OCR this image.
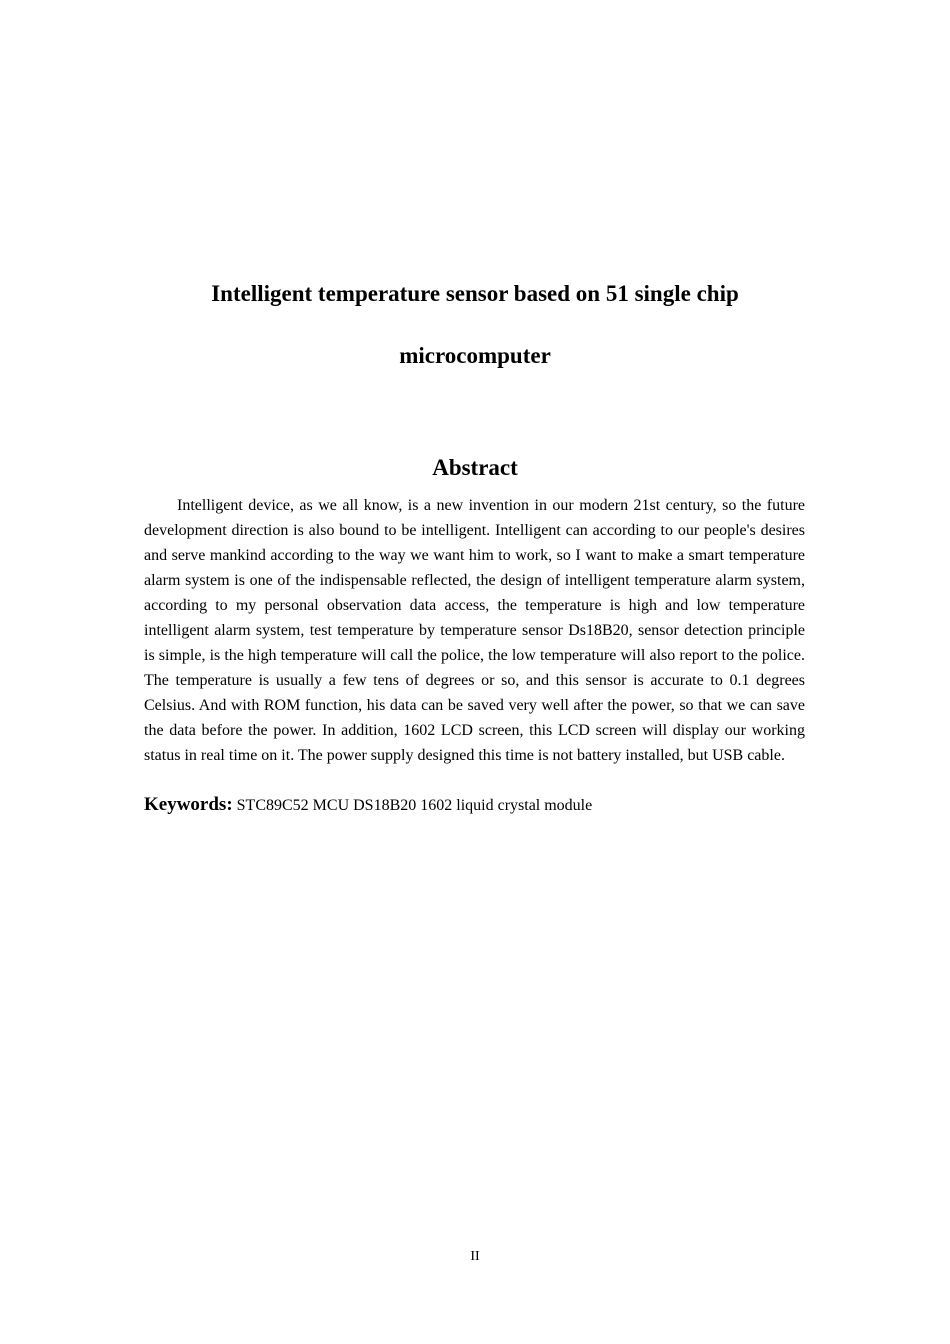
Intelligent temperature sensor based on 51 single chip
microcomputer
Abstract

Intelligent device, as we all know, is a new invention in our modern 21st century, so the future development direction is also bound to be intelligent. Intelligent can according to our people's desires and serve mankind according to the way we want him to work, so I want to make a smart temperature alarm system is one of the indispensable reflected, the design of intelligent temperature alarm system, according to my personal observation data access, the temperature is high and low temperature intelligent alarm system, test temperature by temperature sensor Ds18B20, sensor detection principle is simple, is the high temperature will call the police, the low temperature will also report to the police. The temperature is usually a few tens of degrees or so, and this sensor is accurate to 0.1 degrees Celsius. And with ROM function, his data can be saved very well after the power, so that we can save the data before the power. In addition, 1602 LCD screen, this LCD screen will display our working status in real time on it. The power supply designed this time is not battery installed, but USB cable.

Keywords: STC89C52 MCU DS18B20 1602 liquid crystal module

II
